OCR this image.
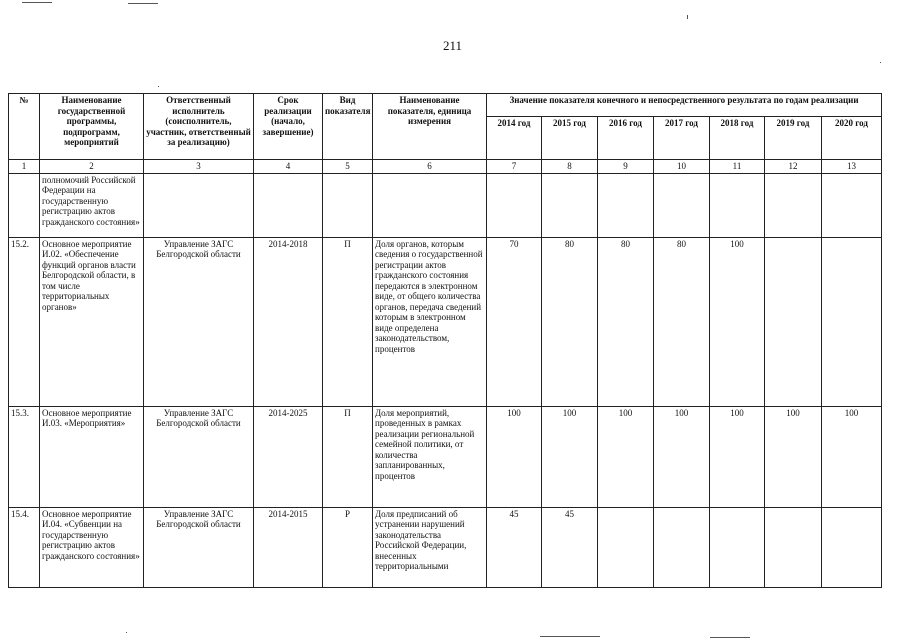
211
№	Наименование государственной программы, подпрограмм, мероприятий	Ответственный исполнитель (соисполнитель, участник, ответственный за реализацию)	Срок реализации (начало, завершение)	Вид показателя	Наименование показателя, единица измерения	Значение показателя конечного и непосредственного результата по годам реализации						
						2014 год	2015 год	2016 год	2017 год	2018 год	2019 год	2020 год
1	2	3	4	5	6	7	8	9	10	11	12	13
	полномочий Российской Федерации на государственную регистрацию актов гражданского состояния»											
15.2.	Основное мероприятие И.02. «Обеспечение функций органов власти Белгородской области, в том числе территориальных органов»	Управление ЗАГС Белгородской области	2014-2018	П	Доля органов, которым сведения о государственной регистрации актов гражданского состояния передаются в электронном виде, от общего количества органов, передача сведений которым в электронном виде определена законодательством, процентов	70	80	80	80	100		
15.3.	Основное мероприятие И.03. «Мероприятия»	Управление ЗАГС Белгородской области	2014-2025	П	Доля мероприятий, проведенных в рамках реализации региональной семейной политики, от количества запланированных, процентов	100	100	100	100	100	100	100
15.4.	Основное мероприятие И.04. «Субвенции на государственную регистрацию актов гражданского состояния»	Управление ЗАГС Белгородской области	2014-2015	Р	Доля предписаний об устранении нарушений законодательства Российской Федерации, внесенных территориальными	45	45					
